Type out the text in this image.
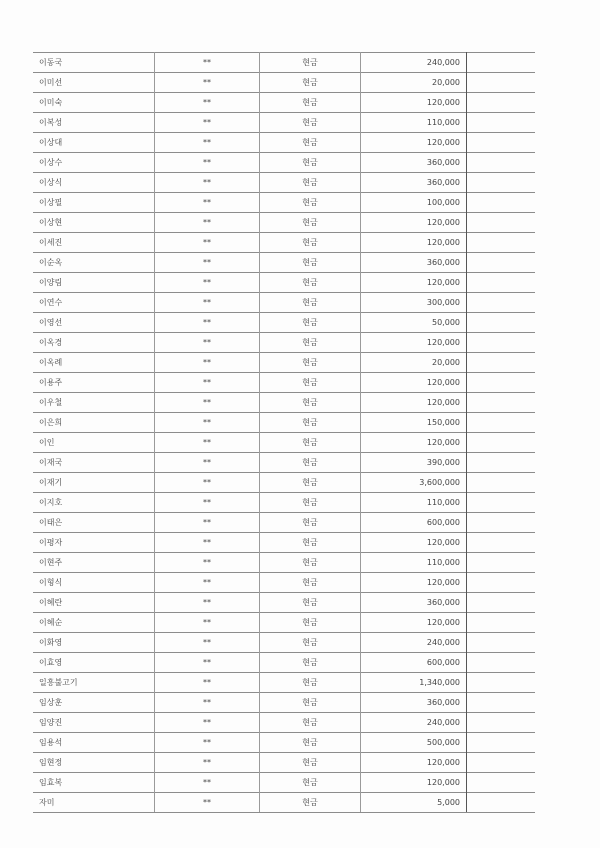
이동국	**	현금	240,000	
이미선	**	현금	20,000	
이미숙	**	현금	120,000	
이복성	**	현금	110,000	
이상대	**	현금	120,000	
이상수	**	현금	360,000	
이상식	**	현금	360,000	
이상필	**	현금	100,000	
이상현	**	현금	120,000	
이세진	**	현금	120,000	
이순옥	**	현금	360,000	
이양림	**	현금	120,000	
이연수	**	현금	300,000	
이영선	**	현금	50,000	
이옥경	**	현금	120,000	
이옥례	**	현금	20,000	
이용주	**	현금	120,000	
이우철	**	현금	120,000	
이은희	**	현금	150,000	
이인	**	현금	120,000	
이재국	**	현금	390,000	
이재기	**	현금	3,600,000	
이지호	**	현금	110,000	
이태은	**	현금	600,000	
이평자	**	현금	120,000	
이현주	**	현금	110,000	
이형식	**	현금	120,000	
이혜란	**	현금	360,000	
이혜순	**	현금	120,000	
이화영	**	현금	240,000	
이효영	**	현금	600,000	
일흥불고기	**	현금	1,340,000	
임상훈	**	현금	360,000	
임양진	**	현금	240,000	
임용석	**	현금	500,000	
임현정	**	현금	120,000	
임효복	**	현금	120,000	
자미	**	현금	5,000	
